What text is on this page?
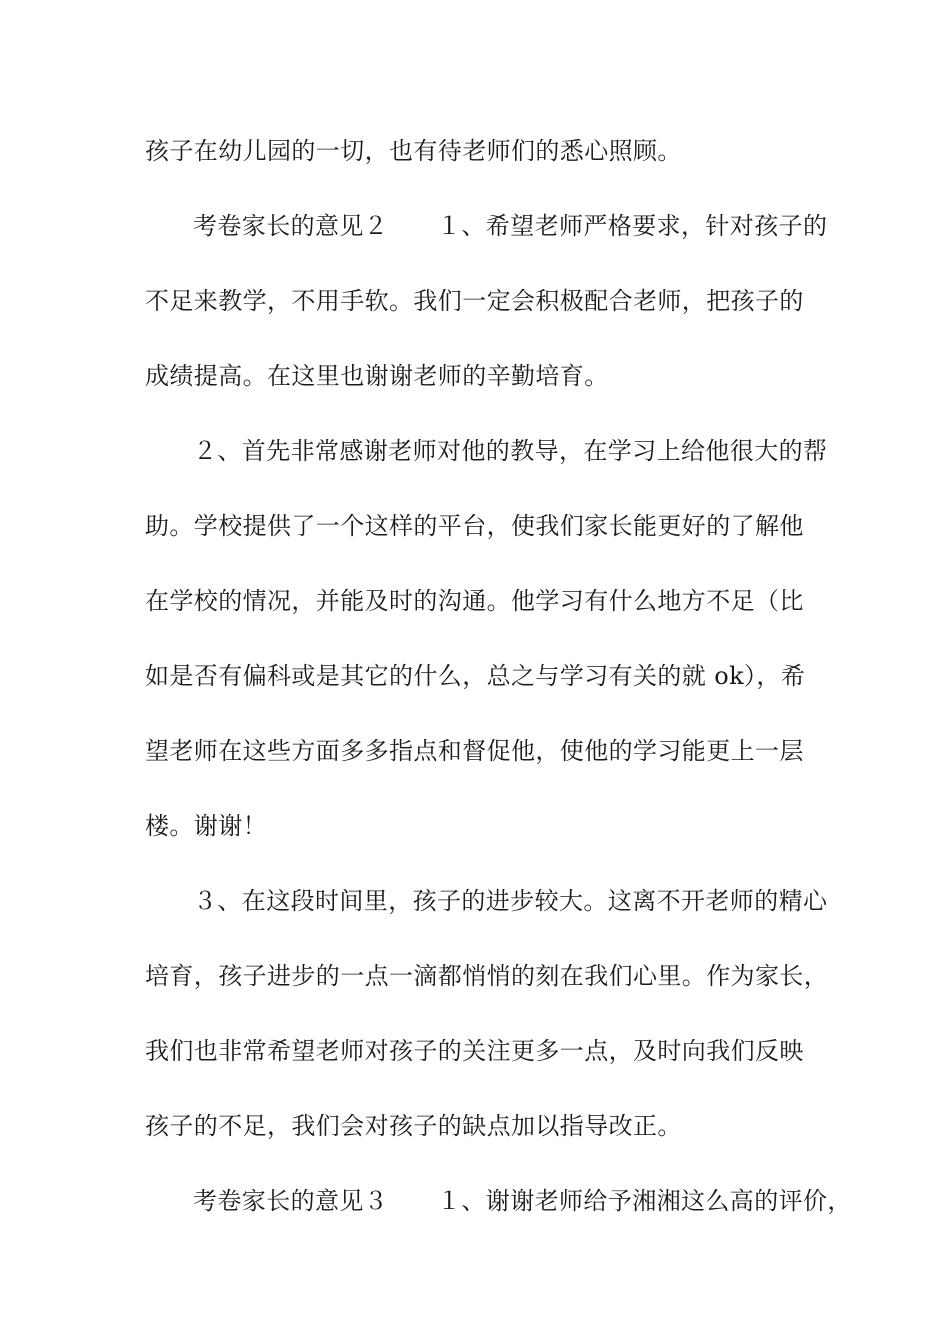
孩子在幼儿园的一切，也有待老师们的悉心照顾。
考卷家长的意见２　　１、希望老师严格要求，针对孩子的
不足来教学，不用手软。我们一定会积极配合老师，把孩子的
成绩提高。在这里也谢谢老师的辛勤培育。
２、首先非常感谢老师对他的教导，在学习上给他很大的帮
助。学校提供了一个这样的平台，使我们家长能更好的了解他
在学校的情况，并能及时的沟通。他学习有什么地方不足（比
如是否有偏科或是其它的什么，总之与学习有关的就 ok），希
望老师在这些方面多多指点和督促他，使他的学习能更上一层
楼。谢谢！
３、在这段时间里，孩子的进步较大。这离不开老师的精心
培育，孩子进步的一点一滴都悄悄的刻在我们心里。作为家长，
我们也非常希望老师对孩子的关注更多一点，及时向我们反映
孩子的不足，我们会对孩子的缺点加以指导改正。
考卷家长的意见３　　１、谢谢老师给予湘湘这么高的评价，
